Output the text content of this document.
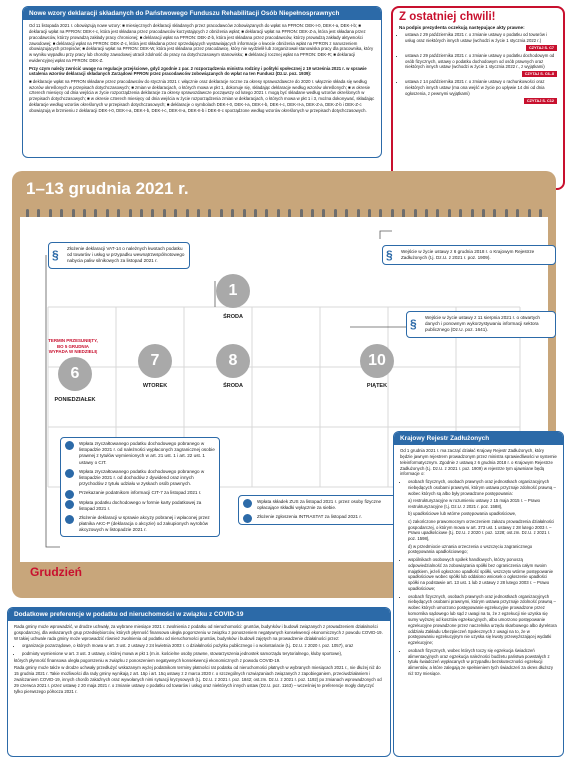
Nowe wzory deklaracji składanych do Państwowego Funduszu Rehabilitacji Osób Niepełnosprawnych

Od 11 listopada 2021 r. obowiązują nowe wzory: ■ miesięcznych deklaracji składanych przez pracodawców zobowiązanych do wpłat na PFRON: DEK-I-0, DEK-I-a, DEK-I-b; ■ deklaracji wpłat na PFRON: DEK-I-c, która jest składana przez pracodawców korzystających z obniżenia wpłat; ■ deklaracji wpłat na PFRON: DEK-Z-a, która jest składana przez pracodawców, którzy prowadzą zakłady pracy chronionej; ■ deklaracji wpłat na PFRON: DEK-Z-b, która jest składana przez pracodawców, którzy prowadzą zakłady aktywności zawodowej; ■ deklaracji wpłat na PFRON: DEK-Z-c, która jest składana przez sprzedających wystawiających informacje o kwocie obniżenia wpłat na PFRON z naruszeniem obowiązujących przepisów; ■ deklaracji wpłat na PFRON: DEK-W, która jest składana przez pracodawcę, który nie wydzielił lub zorganizował stanowiska pracy dla pracownika, który w wyniku wypadku przy pracy lub choroby zawodowej utracił zdolność do pracy na dotychczasowym stanowisku; ■ deklaracji rocznej wpłat na PFRON: DEK-R; ■ deklaracji ewidencyjnej wpłat na PFRON: DEK-Z.

Przy czym należy zwrócić uwagę na regulacje przejściowe, gdyż zgodnie z par. 2 rozporządzenia ministra rodziny i polityki społecznej z 19 września 2021 r. w sprawie ustalenia wzorów deklaracji składanych Zarządowi PFRON przez pracodawców zobowiązanych do wpłat na ten Fundusz (Dz.U. poz. 1939):

■ deklaracje wpłat na PFRON składane przez pracodawców do stycznia 2021 r. włącznie oraz deklaracje roczne za okresy sprawozdawcze do 2020 r. włącznie składa się według wzorów określonych w przepisach dotychczasowych; ■ zmian w deklaracjach, o których mowa w pkt 1, dokonuje się, składając deklaracje według wzorów określonych; ■ w okresie czterech miesięcy od dnia wejścia w życie rozporządzenia deklaracje za okresy sprawozdawcze począwszy od lutego 2021 r. mogą być składane według wzorów określonych w przepisach dotychczasowych; ■ w okresie czterech miesięcy od dnia wejścia w życie rozporządzenia zmian w deklaracjach, o których mowa w pkt 1 i 3, można dokonywać, składając deklaracje według wzorów określonych w przepisach dotychczasowych; ■ deklaracje o symbolach DEK-I-0, DEK-I-a, DEK-I-b, DEK-I-c, DEK-II-a, DEK-Z-a, DEK-Z-b i DEK-Z-c obowiązują w brzmieniu z deklaracji DEK-I-0, DEK-I-a, DEK-I-b, DEK-I-c, DEK-II-a, DEK-II-b i DEK-II-c sporządzone według wzorów określonych w przepisach dotychczasowych.

Z ostatniej chwili!
Na podpis prezydenta oczekują następujące akty prawne:
• ustawa z 29 października 2021 r. o zmianie ustawy o podatku od towarów i usług oraz niektórych innych ustaw (wchodzi w życie 1 stycznia 2022 r.)
CZYTAJ S. C7
• ustawa z 29 października 2021 r. o zmianie ustawy o podatku dochodowym od osób fizycznych, ustawy o podatku dochodowym od osób prawnych oraz niektórych innych ustaw (wchodzi w życie 1 stycznia 2022 r., z wyjątkami)
CZYTAJ S. C6–8
• ustawa z 14 października 2021 r. o zmianie ustawy o rachunkowości oraz niektórych innych ustaw (ma ona wejść w życie po upływie 14 dni od dnia ogłoszenia, z pewnymi wyjątkami)
CZYTAJ S. C12
1–13 grudnia 2021 r.
§ Złożenie deklaracji VAT-14 o należnych kwotach podatku od towarów i usług w przypadku wewnątrzwspólnotowego nabycia paliw silnikowych za listopad 2021 r.	§ Wejście w życie ustawy z 6 grudnia 2018 r. o Krajowym Rejestrze Zadłużonych (t.j. Dz.U. z 2021 r. poz. 1909).
§ Wejście w życie ustawy z 11 sierpnia 2021 r. o otwartych danych i ponownym wykorzystywaniu informacji sektora publicznego (Dz.U. poz. 1641).
1
ŚRODA
TERMIN PRZESUNIĘTY, BO 5 GRUDNIA WYPADA W NIEDZIELĘ
6
PONIEDZIAŁEK
7
WTOREK
8
ŚRODA
10
PIĄTEK
Wpłata zryczałtowanego podatku dochodowego pobranego w listopadzie 2021 r. od należności wypłaconych zagranicznej osobie prawnej z tytułów wymienionych w art. 21 ust. 1 i art. 22 ust. 1 ustawy o CIT.
Wpłata zryczałtowanego podatku dochodowego pobranego w listopadzie 2021 r. od dochodów z dywidend oraz innych przychodów z tytułu udziału w zyskach osób prawnych.
Przekazanie podatnikom informacji CIT-7 za listopad 2021 r.
Wpłata podatku dochodowego w formie karty podatkowej za listopad 2021 r.
Złożenie deklaracji w sprawie akcyzy pobranej i wpłaconej przez płatnika AKC-P (deklaracja o akcyzie) od zakupionych wyrobów akcyzowych w listopadzie 2021 r.
Wpłata składek ZUS za listopad 2021 r. przez osoby fizyczne opłacające składki wyłącznie za siebie.
Złożenie zgłoszenia INTRASTAT za listopad 2021 r.
Grudzień
Krajowy Rejestr Zadłużonych

Od 1 grudnia 2021 r. ma zacząć działać Krajowy Rejestr Zadłużonych, który będzie jawnym rejestrem prowadzonym przez ministra sprawiedliwości w systemie teleinformatycznym. Zgodnie z ustawą z 6 grudnia 2018 r. o Krajowym Rejestrze Zadłużonych (t.j. Dz.U. z 2021 r. poz. 1909) w rejestrze tym ujawniane będą informacje o:

• osobach fizycznych, osobach prawnych oraz jednostkach organizacyjnych niebędących osobami prawnymi, którym ustawa przyznaje zdolność prawną – wobec których są albo były prowadzone postępowania:
a) restrukturyzacyjne w rozumieniu ustawy z 15 maja 2015 r. – Prawo restrukturyzacyjne (t.j. Dz.U. z 2021 r. poz. 1588),
b) upadłościowe lub wtórne postępowania upadłościowe,
c) zakończone prawomocnym orzeczeniem zakazu prowadzenia działalności gospodarczej, o którym mowa w art. 373 ust. 1 ustawy z 28 lutego 2003 r. – Prawo upadłościowe (t.j. Dz.U. z 2020 r. poz. 1228; ost.zm. Dz.U. z 2021 r. poz. 1598),
d) w przedmiocie uznania orzeczenia o wszczęciu zagranicznego postępowania upadłościowego;
• wspólnikach osobowych spółek handlowych, którzy ponoszą odpowiedzialność za zobowiązania spółki bez ograniczenia całym swoim majątkiem, jeżeli ogłoszono upadłość spółki, wszczęto wtórne postępowanie upadłościowe wobec spółki lub oddalono wniosek o ogłoszenie upadłości spółki na podstawie art. 13 ust. 1 lub 2 ustawy z 28 lutego 2003 r. – Prawo upadłościowe;
• osobach fizycznych, osobach prawnych oraz jednostkach organizacyjnych niebędących osobami prawnymi, którym ustawa przyznaje zdolność prawną – wobec których umorzono postępowanie egzekucyjne prowadzone przez komornika sądowego lub sąd z uwagi na to, że z egzekucji nie uzyska się sumy wyższej od kosztów egzekucyjnych, albo umorzono postępowanie egzekucyjne prowadzone przez naczelnika urzędu skarbowego albo dyrektora oddziału Zakładu Ubezpieczeń Społecznych z uwagi na to, że w postępowaniu egzekucyjnym nie uzyska się kwoty przewyższającej wydatki egzekucyjne;
• osobach fizycznych, wobec których toczy się egzekucja świadczeń alimentacyjnych oraz egzekucja należności budżetu państwa powstałych z tytułu świadczeń wypłacanych w przypadku bezskuteczności egzekucji alimentów, a które zalegają ze spełnieniem tych świadczeń za okres dłuższy niż trzy miesiące.
Dodatkowe preferencje w podatku od nieruchomości w związku z COVID-19

Rada gminy może wprowadzić, w drodze uchwały, za wybrane miesiące 2021 r. zwolnienia z podatku od nieruchomości: gruntów, budynków i budowli związanych z prowadzeniem działalności gospodarczej, dla wskazanych grup przedsiębiorców, których płynność finansowa uległa pogorszeniu w związku z ponoszeniem negatywnych konsekwencji ekonomicznych z powodu COVID-19. W takiej uchwale rada gminy może wprowadzić również zwolnienia od podatku od nieruchomości gruntów, budynków i budowli zajętych na prowadzenie działalności przez:

• organizacje pozarządowe, o których mowa w art. 3 ust. 2 ustawy z 24 kwietnia 2003 r. o działalności pożytku publicznego i o wolontariacie (t.j. Dz.U. z 2020 r. poz. 1057), oraz
• podmioty wymienione w art. 3 ust. 3 ustawy, o której mowa w pkt 1 (m.in. kościelne osoby prawne, stowarzyszenia jednostek samorządu terytorialnego, kluby sportowe),

których płynność finansowa uległa pogorszeniu w związku z ponoszeniem negatywnych konsekwencji ekonomicznych z powodu COVID-19.

Rada gminy może także w drodze uchwały przedłużyć wskazanym wyżej podatnikom terminy płatności rat podatku od nieruchomości płatnych w wybranych miesiącach 2021 r., nie dłużej niż do 15 grudnia 2021 r. Takie możliwości dla rady gminy wynikają z art. 15p i art. 15q ustawy z 2 marca 2020 r. o szczególnych rozwiązaniach związanych z zapobieganiem, przeciwdziałaniem i zwalczaniem COVID-19, innych chorób zakaźnych oraz wywołanych nimi sytuacji kryzysowych (t.j. Dz.U. z 2021 r. poz. 1842; ost.zm. Dz.U. z 2021 r. poz. 1192) po zmianach wprowadzonych od 29 czerwca 2021 r. przez ustawę z 20 maja 2021 r. o zmianie ustawy o podatku od towarów i usług oraz niektórych innych ustaw (Dz.U. poz. 1163) – wcześniej te preferencje mogły dotyczyć tylko pierwszego półrocza 2021 r.
